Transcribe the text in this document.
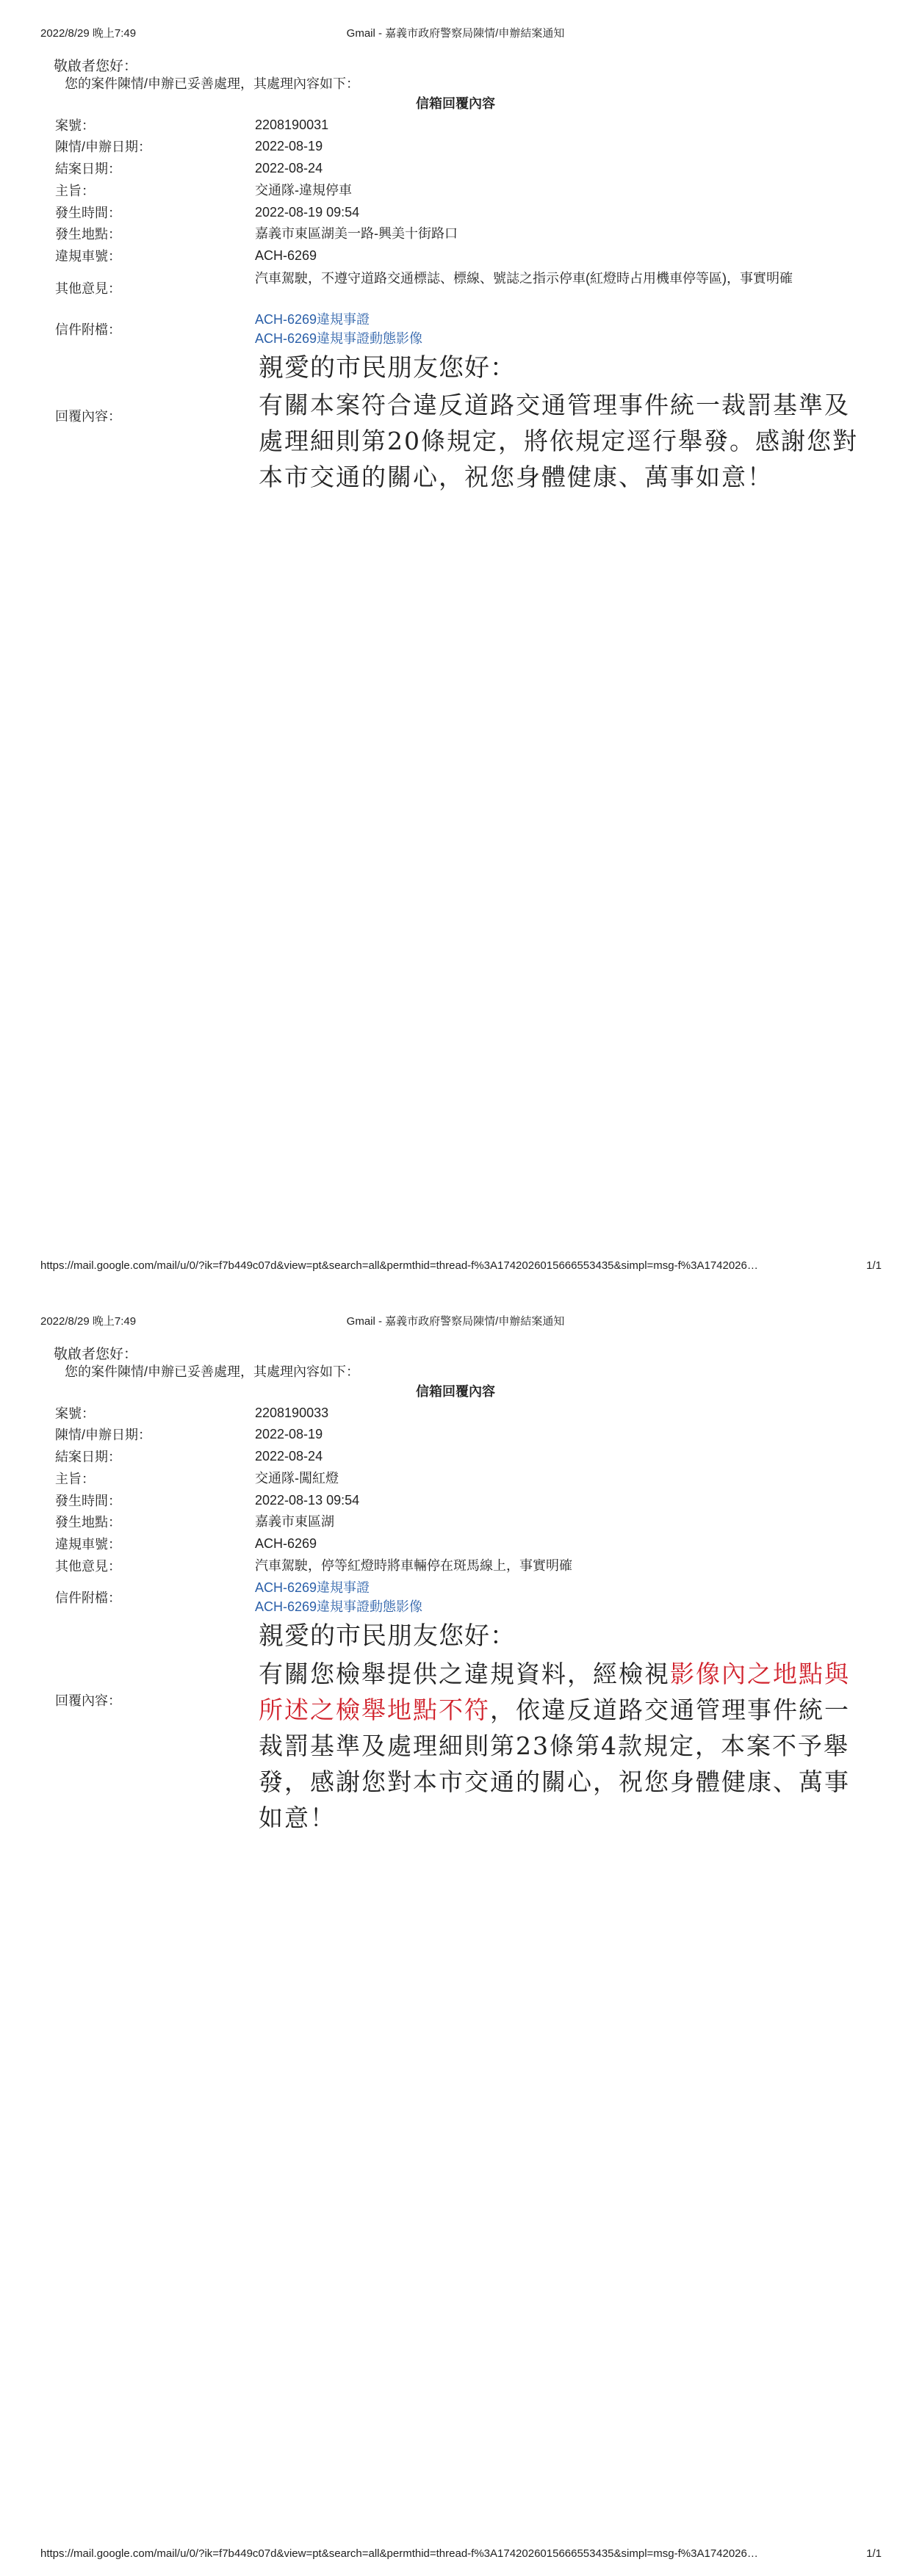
2022/8/29 晚上7:49	Gmail - 嘉義市政府警察局陳情/申辦結案通知
敬啟者您好：
您的案件陳情/申辦已妥善處理，其處理內容如下：
信箱回覆內容
案號：	2208190031
陳情/申辦日期：	2022-08-19
結案日期：	2022-08-24
主旨：	交通隊-違規停車
發生時間：	2022-08-19 09:54
發生地點：	嘉義市東區湖美一路-興美十街路口
違規車號：	ACH-6269
其他意見：
汽車駕駛，不遵守道路交通標誌、標線、號誌之指示停車(紅燈時占用機車停等區)，事實明確
信件附檔：
ACH-6269違規事證
ACH-6269違規事證動態影像
親愛的市民朋友您好：
回覆內容：	有關本案符合違反道路交通管理事件統一裁罰基準及處理細則第20條規定，將依規定逕行舉發。感謝您對本市交通的關心，祝您身體健康、萬事如意！
https://mail.google.com/mail/u/0/?ik=f7b449c07d&view=pt&search=all&permthid=thread-f%3A1742026015666553435&simpl=msg-f%3A1742026…	1/1
2022/8/29 晚上7:49	Gmail - 嘉義市政府警察局陳情/申辦結案通知
敬啟者您好：
您的案件陳情/申辦已妥善處理，其處理內容如下：
信箱回覆內容
案號：	2208190033
陳情/申辦日期：	2022-08-19
結案日期：	2022-08-24
主旨：	交通隊-闖紅燈
發生時間：	2022-08-13 09:54
發生地點：	嘉義市東區湖
違規車號：	ACH-6269
其他意見：	汽車駕駛，停等紅燈時將車輛停在斑馬線上，事實明確
信件附檔：
ACH-6269違規事證
ACH-6269違規事證動態影像
親愛的市民朋友您好：
回覆內容：
有關您檢舉提供之違規資料，經檢視影像內之地點與所述之檢舉地點不符，依違反道路交通管理事件統一裁罰基準及處理細則第23條第4款規定，本案不予舉發，感謝您對本市交通的關心，祝您身體健康、萬事如意！
https://mail.google.com/mail/u/0/?ik=f7b449c07d&view=pt&search=all&permthid=thread-f%3A1742026015666553435&simpl=msg-f%3A1742026…	1/1
